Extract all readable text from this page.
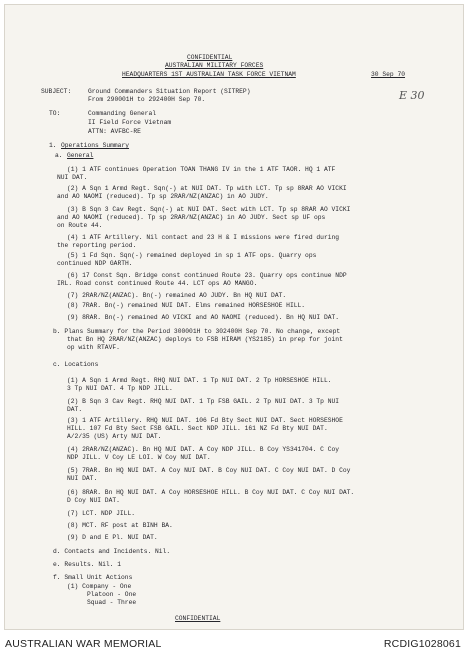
CONFIDENTIAL
AUSTRALIAN MILITARY FORCES
HEADQUARTERS 1ST AUSTRALIAN TASK FORCE VIETNAM	30 Sep 70
E 30
SUBJECT:	Ground Commanders Situation Report (SITREP)
From 290001H to 292400H Sep 70.
TO:	Commanding General
II Field Force Vietnam
ATTN: AVFBC-RE
1. Operations Summary
a. General
(1) 1 ATF continues Operation TOAN THANG IV in the 1 ATF TAOR. HQ 1 ATF
NUI DAT.
(2) A Sqn 1 Armd Regt. Sqn(-) at NUI DAT. Tp with LCT. Tp sp 8RAR AO VICKI
and AO NAOMI (reduced). Tp sp 2RAR/NZ(ANZAC) in AO JUDY.
(3) B Sqn 3 Cav Regt. Sqn(-) at NUI DAT. Sect with LCT. Tp sp 8RAR AO VICKI
and AO NAOMI (reduced). Tp sp 2RAR/NZ(ANZAC) in AO JUDY. Sect sp UF ops
on Route 44.
(4) 1 ATF Artillery. Nil contact and 23 H & I missions were fired during
the reporting period.
(5) 1 Fd Sqn. Sqn(-) remained deployed in sp 1 ATF ops. Quarry ops
continued NDP GARTH.
(6) 17 Const Sqn. Bridge const continued Route 23. Quarry ops continue NDP
IRL. Road const continued Route 44. LCT ops AO MANGO.
(7) 2RAR/NZ(ANZAC). Bn(-) remained AO JUDY. Bn HQ NUI DAT.
(8) 7RAR. Bn(-) remained NUI DAT. Elms remained HORSESHOE HILL.
(9) 8RAR. Bn(-) remained AO VICKI and AO NAOMI (reduced). Bn HQ NUI DAT.
b. Plans Summary for the Period 300001H to 302400H Sep 70. No change, except
that Bn HQ 2RAR/NZ(ANZAC) deploys to FSB HIRAM (YS2185) in prep for joint
op with RTAVF.
c. Locations
(1) A Sqn 1 Armd Regt. RHQ NUI DAT. 1 Tp NUI DAT. 2 Tp HORSESHOE HILL.
3 Tp NUI DAT. 4 Tp NDP JILL.
(2) B Sqn 3 Cav Regt. RHQ NUI DAT. 1 Tp FSB GAIL. 2 Tp NUI DAT. 3 Tp NUI
DAT.
(3) 1 ATF Artillery. RHQ NUI DAT. 106 Fd Bty Sect NUI DAT. Sect HORSESHOE
HILL. 107 Fd Bty Sect FSB GAIL. Sect NDP JILL. 161 NZ Fd Bty NUI DAT.
A/2/35 (US) Arty NUI DAT.
(4) 2RAR/NZ(ANZAC). Bn HQ NUI DAT. A Coy NDP JILL. B Coy YS341704. C Coy
NDP JILL. V Coy LE LOI. W Coy NUI DAT.
(5) 7RAR. Bn HQ NUI DAT. A Coy NUI DAT. B Coy NUI DAT. C Coy NUI DAT. D Coy
NUI DAT.
(6) 8RAR. Bn HQ NUI DAT. A Coy HORSESHOE HILL. B Coy NUI DAT. C Coy NUI DAT.
D Coy NUI DAT.
(7) LCT. NDP JILL.
(8) MCT. RF post at BINH BA.
(9) D and E Pl. NUI DAT.
d. Contacts and Incidents. Nil.
e. Results. Nil. 1
f. Small Unit Actions
(1) Company - One
Platoon - One
Squad - Three
CONFIDENTIAL
AUSTRALIAN WAR MEMORIAL	RCDIG1028061
